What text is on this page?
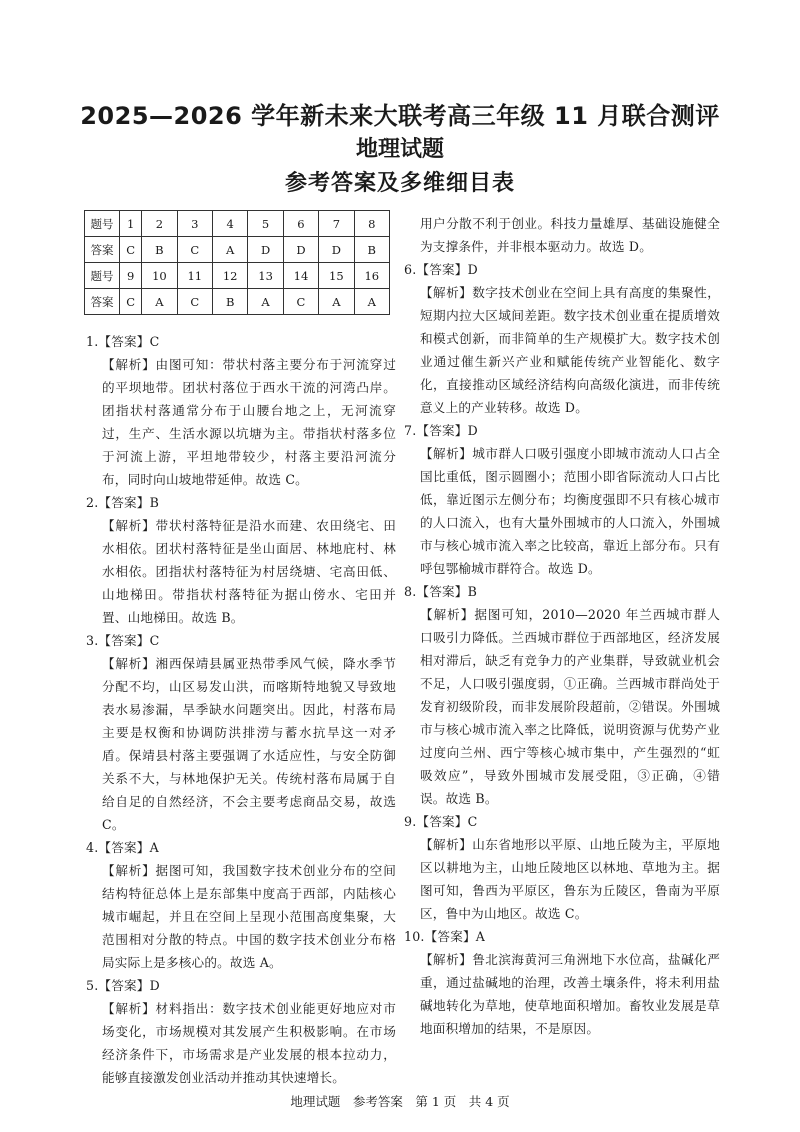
2025—2026 学年新未来大联考高三年级 11 月联合测评
地理试题
参考答案及多维细目表
题号	1	2	3	4	5	6	7	8
答案	C	B	C	A	D	D	D	B
题号	9	10	11	12	13	14	15	16
答案	C	A	C	B	A	C	A	A

1.【答案】C

【解析】由图可知：带状村落主要分布于河流穿过的平坝地带。团状村落位于西水干流的河湾凸岸。团指状村落通常分布于山腰台地之上，无河流穿过，生产、生活水源以坑塘为主。带指状村落多位于河流上游，平坦地带较少，村落主要沿河流分布，同时向山坡地带延伸。故选 C。

2.【答案】B

【解析】带状村落特征是沿水而建、农田绕宅、田水相依。团状村落特征是坐山面居、林地庇村、林水相依。团指状村落特征为村居绕塘、宅高田低、山地梯田。带指状村落特征为据山傍水、宅田并置、山地梯田。故选 B。

3.【答案】C

【解析】湘西保靖县属亚热带季风气候，降水季节分配不均，山区易发山洪，而喀斯特地貌又导致地表水易渗漏，旱季缺水问题突出。因此，村落布局主要是权衡和协调防洪排涝与蓄水抗旱这一对矛盾。保靖县村落主要强调了水适应性，与安全防御关系不大，与林地保护无关。传统村落布局属于自给自足的自然经济，不会主要考虑商品交易，故选 C。

4.【答案】A

【解析】据图可知，我国数字技术创业分布的空间结构特征总体上是东部集中度高于西部，内陆核心城市崛起，并且在空间上呈现小范围高度集聚，大范围相对分散的特点。中国的数字技术创业分布格局实际上是多核心的。故选 A。

5.【答案】D

【解析】材料指出：数字技术创业能更好地应对市场变化，市场规模对其发展产生积极影响。在市场经济条件下，市场需求是产业发展的根本拉动力，能够直接激发创业活动并推动其快速增长。

用户分散不利于创业。科技力量雄厚、基础设施健全为支撑条件，并非根本驱动力。故选 D。

6.【答案】D

【解析】数字技术创业在空间上具有高度的集聚性，短期内拉大区域间差距。数字技术创业重在提质增效和模式创新，而非简单的生产规模扩大。数字技术创业通过催生新兴产业和赋能传统产业智能化、数字化，直接推动区域经济结构向高级化演进，而非传统意义上的产业转移。故选 D。

7.【答案】D

【解析】城市群人口吸引强度小即城市流动人口占全国比重低，图示圆圈小；范围小即省际流动人口占比低，靠近图示左侧分布；均衡度强即不只有核心城市的人口流入，也有大量外围城市的人口流入，外围城市与核心城市流入率之比较高，靠近上部分布。只有呼包鄂榆城市群符合。故选 D。

8.【答案】B

【解析】据图可知，2010—2020 年兰西城市群人口吸引力降低。兰西城市群位于西部地区，经济发展相对滞后，缺乏有竞争力的产业集群，导致就业机会不足，人口吸引强度弱，①正确。兰西城市群尚处于发育初级阶段，而非发展阶段超前，②错误。外围城市与核心城市流入率之比降低，说明资源与优势产业过度向兰州、西宁等核心城市集中，产生强烈的“虹吸效应”，导致外围城市发展受阻，③正确，④错误。故选 B。

9.【答案】C

【解析】山东省地形以平原、山地丘陵为主，平原地区以耕地为主，山地丘陵地区以林地、草地为主。据图可知，鲁西为平原区，鲁东为丘陵区，鲁南为平原区，鲁中为山地区。故选 C。

10.【答案】A

【解析】鲁北滨海黄河三角洲地下水位高，盐碱化严重，通过盐碱地的治理，改善土壤条件，将未利用盐碱地转化为草地，使草地面积增加。畜牧业发展是草地面积增加的结果，不是原因。

地理试题　参考答案　第 1 页　共 4 页
